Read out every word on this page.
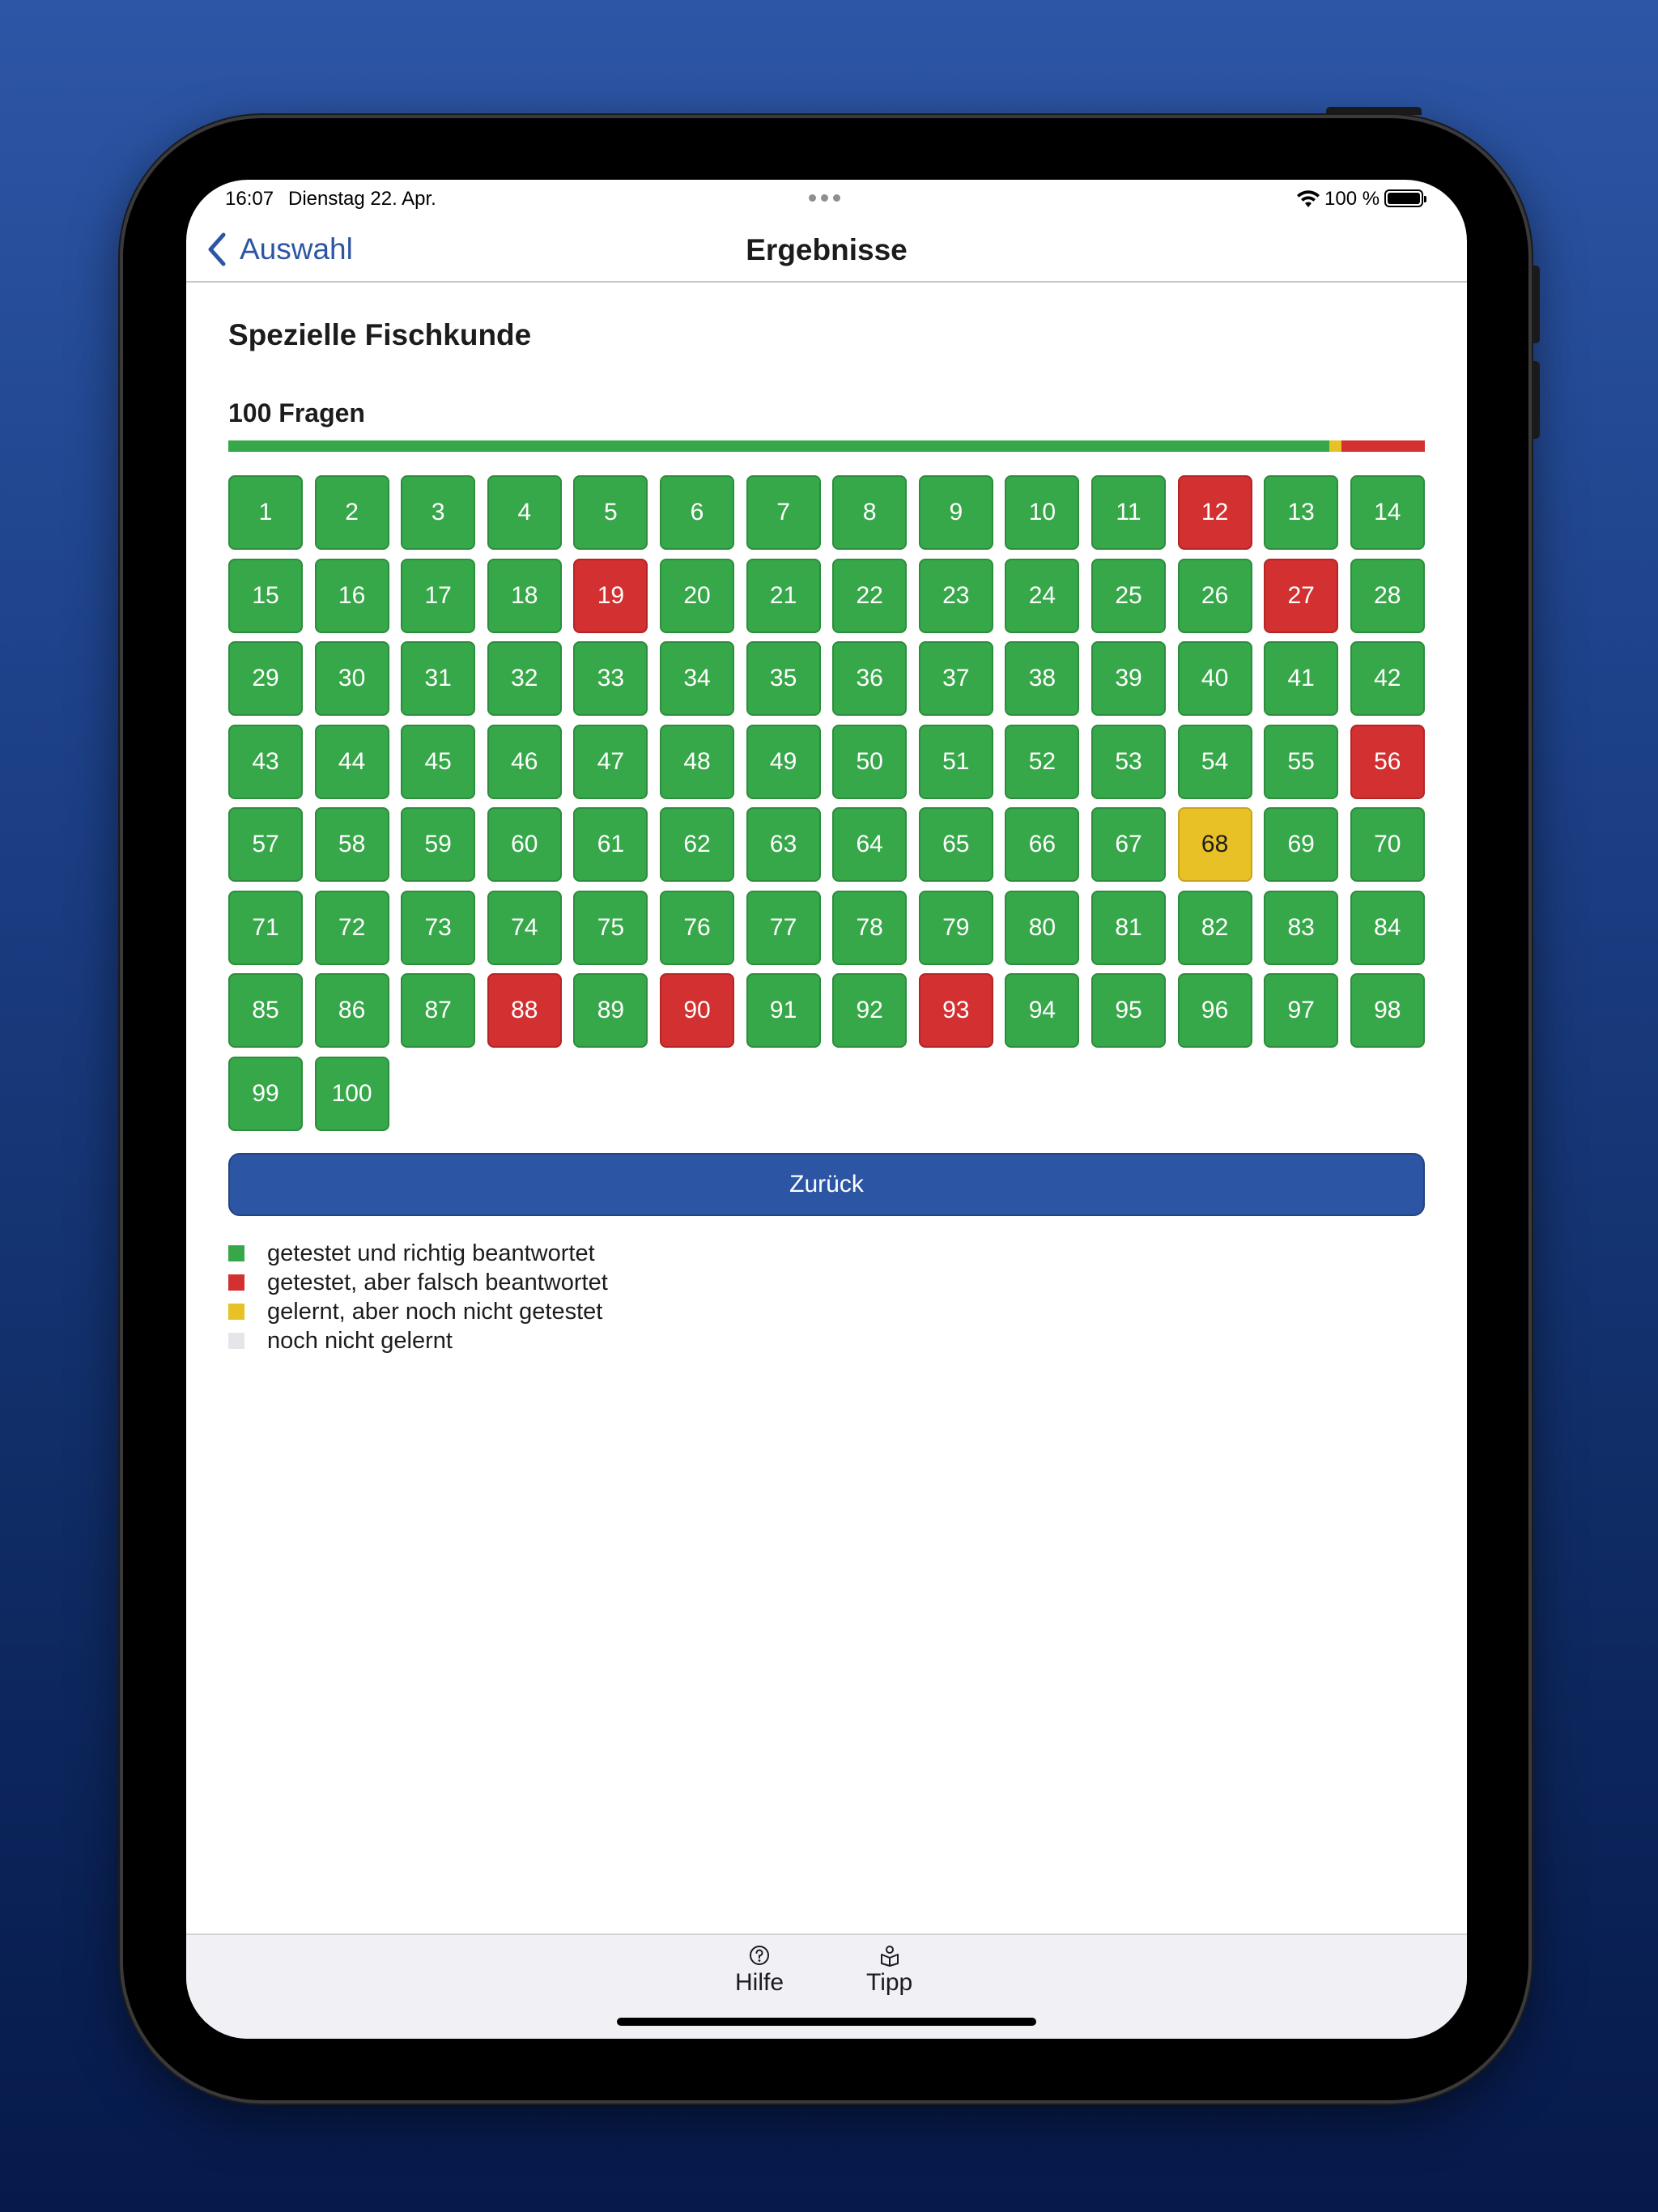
16:07 Dienstag 22. Apr.	100 %
Auswahl	Ergebnisse
Spezielle Fischkunde
100 Fragen
1	2	3	4	5	6	7	8	9	10	11	12	13	14
15	16	17	18	19	20	21	22	23	24	25	26	27	28
29	30	31	32	33	34	35	36	37	38	39	40	41	42
43	44	45	46	47	48	49	50	51	52	53	54	55	56
57	58	59	60	61	62	63	64	65	66	67	68	69	70
71	72	73	74	75	76	77	78	79	80	81	82	83	84
85	86	87	88	89	90	91	92	93	94	95	96	97	98
99	100
Zurück
getestet und richtig beantwortet
getestet, aber falsch beantwortet
gelernt, aber noch nicht getestet
noch nicht gelernt
Hilfe	Tipp
